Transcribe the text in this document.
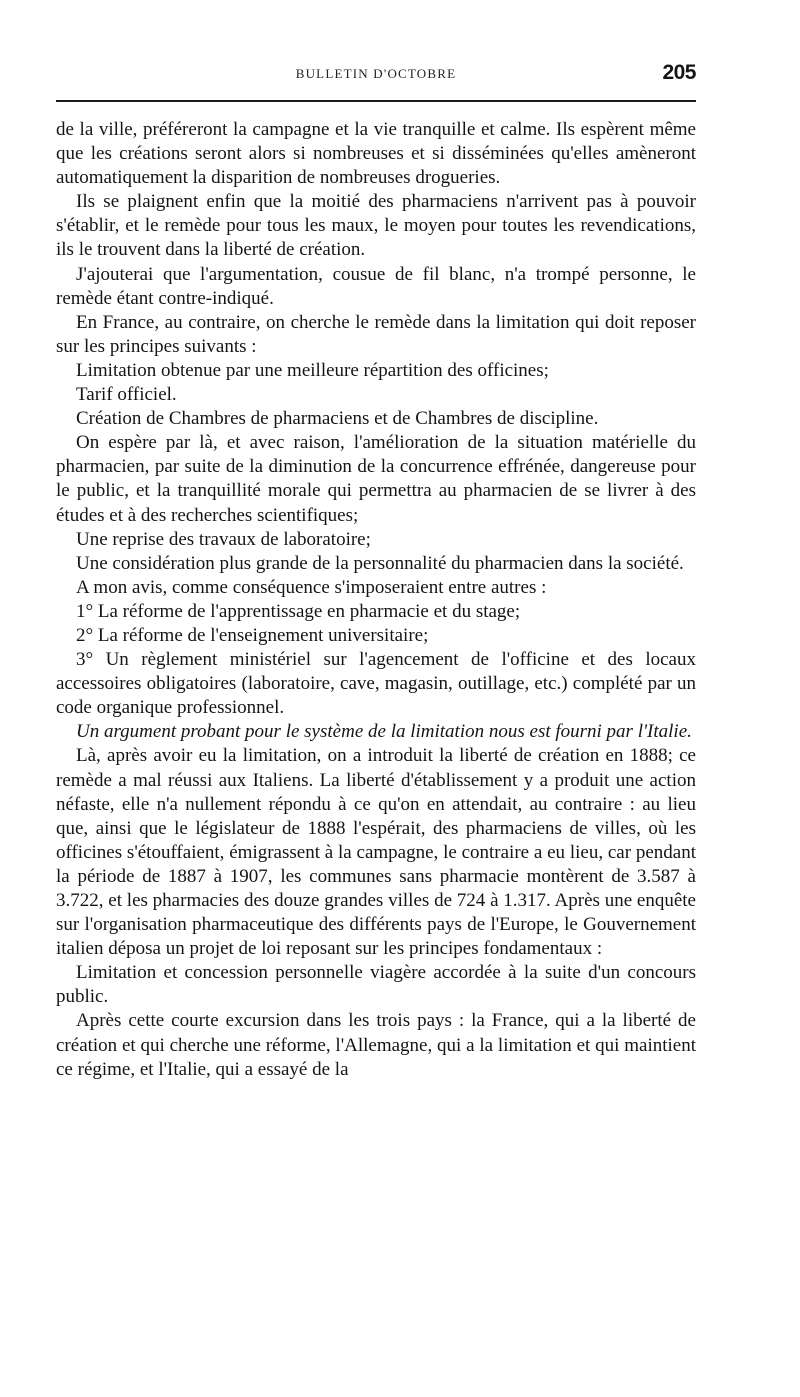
BULLETIN D'OCTOBRE	205

de la ville, préféreront la campagne et la vie tranquille et calme. Ils espèrent même que les créations seront alors si nombreuses et si disséminées qu'elles amèneront automatiquement la disparition de nombreuses drogueries.

Ils se plaignent enfin que la moitié des pharmaciens n'arrivent pas à pouvoir s'établir, et le remède pour tous les maux, le moyen pour toutes les revendications, ils le trouvent dans la liberté de création.

J'ajouterai que l'argumentation, cousue de fil blanc, n'a trompé personne, le remède étant contre-indiqué.

En France, au contraire, on cherche le remède dans la limitation qui doit reposer sur les principes suivants :

Limitation obtenue par une meilleure répartition des officines;

Tarif officiel.

Création de Chambres de pharmaciens et de Chambres de discipline.

On espère par là, et avec raison, l'amélioration de la situation matérielle du pharmacien, par suite de la diminution de la concurrence effrénée, dangereuse pour le public, et la tranquillité morale qui permettra au pharmacien de se livrer à des études et à des recherches scientifiques;

Une reprise des travaux de laboratoire;

Une considération plus grande de la personnalité du pharmacien dans la société.

A mon avis, comme conséquence s'imposeraient entre autres :

1° La réforme de l'apprentissage en pharmacie et du stage;

2° La réforme de l'enseignement universitaire;

3° Un règlement ministériel sur l'agencement de l'officine et des locaux accessoires obligatoires (laboratoire, cave, magasin, outillage, etc.) complété par un code organique professionnel.

Un argument probant pour le système de la limitation nous est fourni par l'Italie.

Là, après avoir eu la limitation, on a introduit la liberté de création en 1888; ce remède a mal réussi aux Italiens. La liberté d'établissement y a produit une action néfaste, elle n'a nullement répondu à ce qu'on en attendait, au contraire : au lieu que, ainsi que le législateur de 1888 l'espérait, des pharmaciens de villes, où les officines s'étouffaient, émigrassent à la campagne, le contraire a eu lieu, car pendant la période de 1887 à 1907, les communes sans pharmacie montèrent de 3.587 à 3.722, et les pharmacies des douze grandes villes de 724 à 1.317. Après une enquête sur l'organisation pharmaceutique des différents pays de l'Europe, le Gouvernement italien déposa un projet de loi reposant sur les principes fondamentaux :

Limitation et concession personnelle viagère accordée à la suite d'un concours public.

Après cette courte excursion dans les trois pays : la France, qui a la liberté de création et qui cherche une réforme, l'Allemagne, qui a la limitation et qui maintient ce régime, et l'Italie, qui a essayé de la
